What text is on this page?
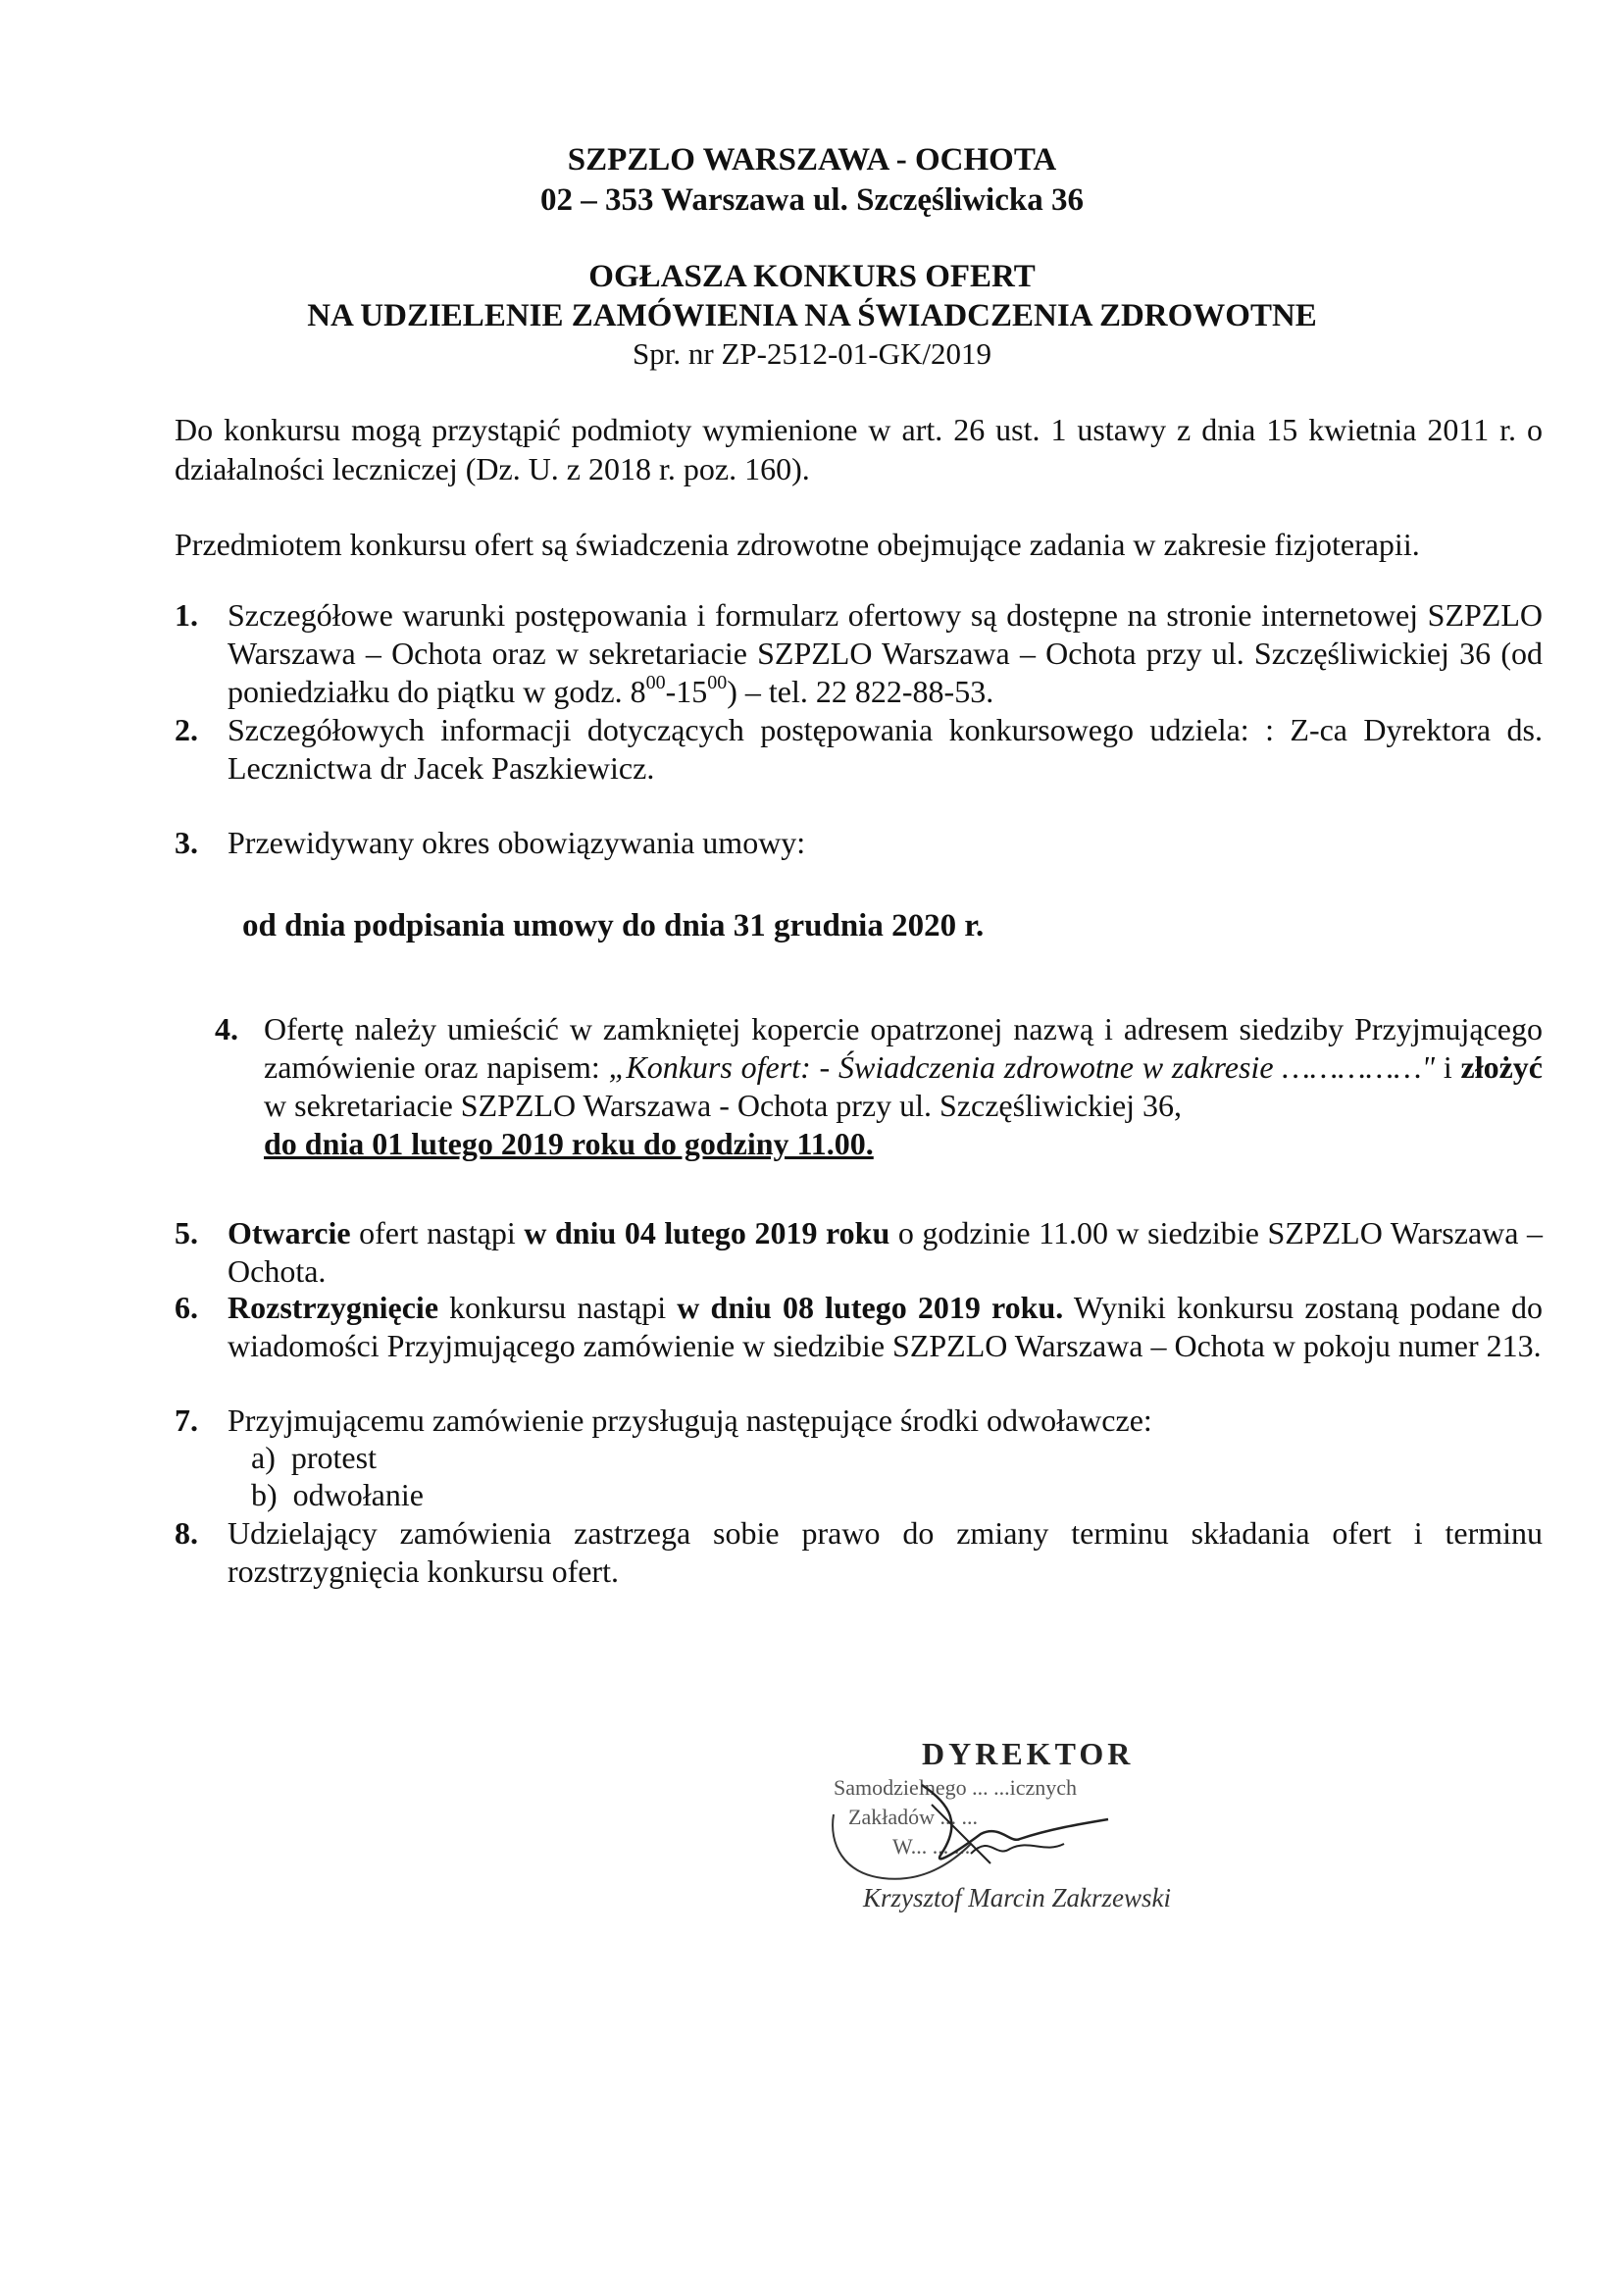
SZPZLO WARSZAWA - OCHOTA
02 – 353 Warszawa ul. Szczęśliwicka 36
OGŁASZA KONKURS OFERT
NA UDZIELENIE ZAMÓWIENIA NA ŚWIADCZENIA ZDROWOTNE
Spr. nr ZP-2512-01-GK/2019
Do konkursu mogą przystąpić podmioty wymienione w art. 26 ust. 1 ustawy z dnia 15 kwietnia 2011 r. o działalności leczniczej (Dz. U. z 2018 r. poz. 160).
Przedmiotem konkursu ofert są świadczenia zdrowotne obejmujące zadania w zakresie fizjoterapii.
1. Szczegółowe warunki postępowania i formularz ofertowy są dostępne na stronie internetowej SZPZLO Warszawa – Ochota oraz w sekretariacie SZPZLO Warszawa – Ochota przy ul. Szczęśliwickiej 36 (od poniedziałku do piątku w godz. $8^{00}-15^{00}$) – tel. 22 822-88-53.
2. Szczegółowych informacji dotyczących postępowania konkursowego udziela: : Z-ca Dyrektora ds. Lecznictwa dr Jacek Paszkiewicz.
3. Przewidywany okres obowiązywania umowy:
od dnia podpisania umowy do dnia 31 grudnia 2020 r.
4. Ofertę należy umieścić w zamkniętej kopercie opatrzonej nazwą i adresem siedziby Przyjmującego zamówienie oraz napisem: „Konkurs ofert: - Świadczenia zdrowotne w zakresie ……………" i złożyć w sekretariacie SZPZLO Warszawa - Ochota przy ul. Szczęśliwickiej 36,
do dnia 01 lutego 2019 roku do godziny 11.00.
5. Otwarcie ofert nastąpi w dniu 04 lutego 2019 roku o godzinie 11.00 w siedzibie SZPZLO Warszawa – Ochota.
6. Rozstrzygnięcie konkursu nastąpi w dniu 08 lutego 2019 roku. Wyniki konkursu zostaną podane do wiadomości Przyjmującego zamówienie w siedzibie SZPZLO Warszawa – Ochota w pokoju numer 213.
7. Przyjmującemu zamówienie przysługują następujące środki odwoławcze:
a) protest
b) odwołanie
8. Udzielający zamówienia zastrzega sobie prawo do zmiany terminu składania ofert i terminu rozstrzygnięcia konkursu ofert.
DYREKTOR
Samodzielnego ... ...icznych
Zakładów ... ...
W... ... ...
Krzysztof Marcin Zakrzewski
